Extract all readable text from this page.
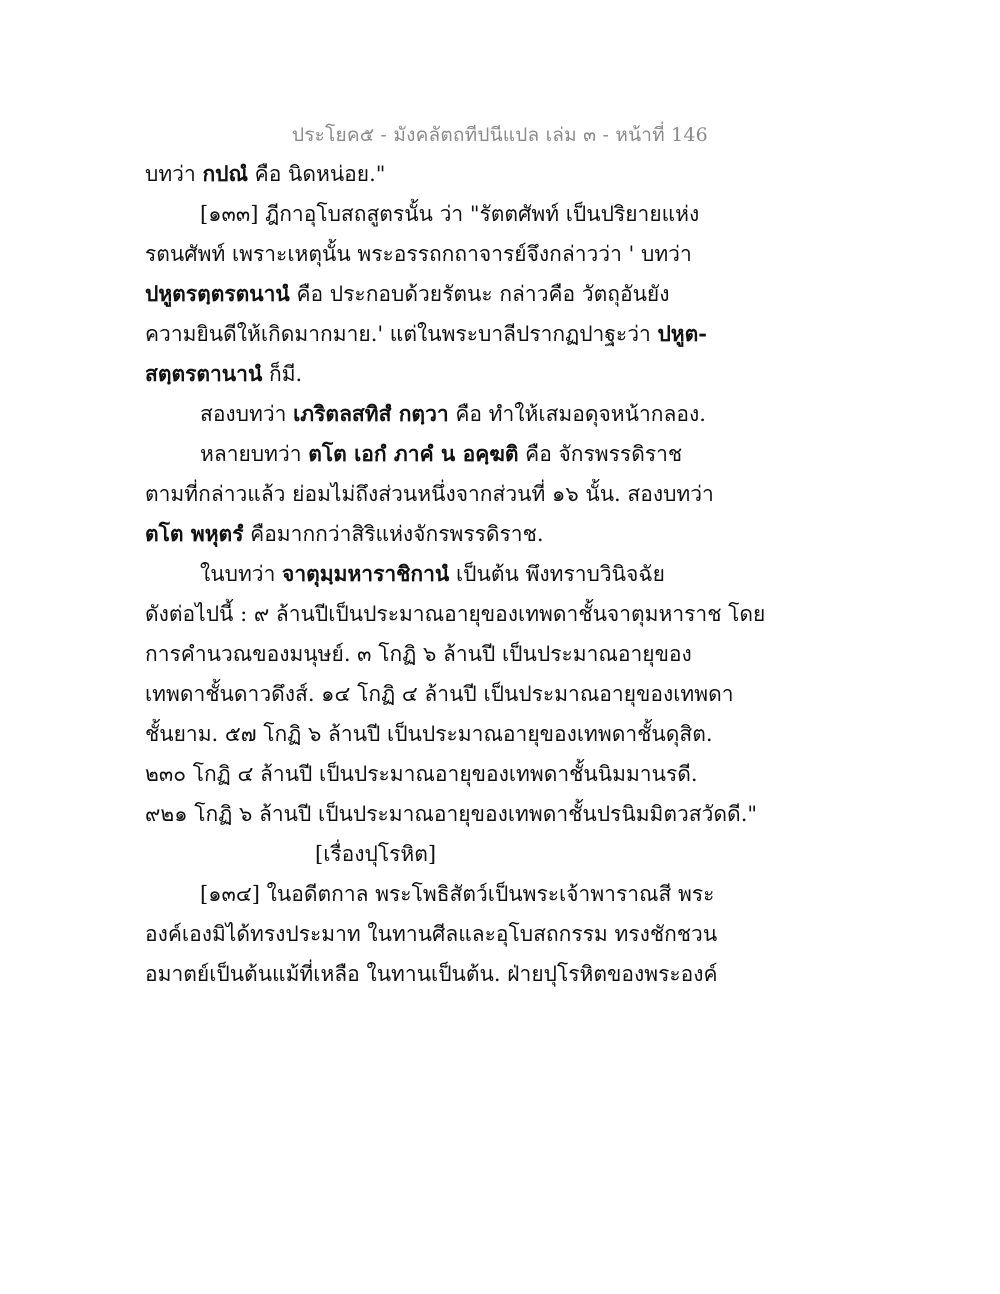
ประโยค๕ - มังคลัตถทีปนีแปล เล่ม ๓ - หน้าที่ 146
บทว่า กปณํ คือ นิดหน่อย."
[๑๓๓] ฎีกาอุโบสถสูตรนั้น ว่า "รัตตศัพท์ เป็นปริยายแห่ง
รตนศัพท์ เพราะเหตุนั้น พระอรรถกถาจารย์จึงกล่าวว่า ' บทว่า
ปหูตรตฺตรตนานํ คือ ประกอบด้วยรัตนะ กล่าวคือ วัตถุอันยัง
ความยินดีให้เกิดมากมาย.' แต่ในพระบาลีปรากฏปาฐะว่า ปหูต-
สตฺตรตานานํ ก็มี.
สองบทว่า เภริตลสทิสํ กตฺวา คือ ทำให้เสมอดุจหน้ากลอง.
หลายบทว่า ตโต เอกํ ภาคํ น อคฺฆติ คือ จักรพรรดิราช
ตามที่กล่าวแล้ว ย่อมไม่ถึงส่วนหนึ่งจากส่วนที่ ๑๖ นั้น. สองบทว่า
ตโต พหุตรํ คือมากกว่าสิริแห่งจักรพรรดิราช.
ในบทว่า จาตุมฺมหาราชิกานํ เป็นต้น พึงทราบวินิจฉัย
ดังต่อไปนี้ : ๙ ล้านปีเป็นประมาณอายุของเทพดาชั้นจาตุมหาราช โดย
การคำนวณของมนุษย์. ๓ โกฏิ ๖ ล้านปี เป็นประมาณอายุของ
เทพดาชั้นดาวดึงส์. ๑๔ โกฏิ ๔ ล้านปี เป็นประมาณอายุของเทพดา
ชั้นยาม. ๕๗ โกฏิ ๖ ล้านปี เป็นประมาณอายุของเทพดาชั้นดุสิต.
๒๓๐ โกฏิ ๔ ล้านปี เป็นประมาณอายุของเทพดาชั้นนิมมานรดี.
๙๒๑ โกฏิ ๖ ล้านปี เป็นประมาณอายุของเทพดาชั้นปรนิมมิตวสวัดดี."
[เรื่องปุโรหิต]
[๑๓๔] ในอดีตกาล พระโพธิสัตว์เป็นพระเจ้าพาราณสี พระ
องค์เองมิได้ทรงประมาท ในทานศีลและอุโบสถกรรม ทรงชักชวน
อมาตย์เป็นต้นแม้ที่เหลือ ในทานเป็นต้น. ฝ่ายปุโรหิตของพระองค์
